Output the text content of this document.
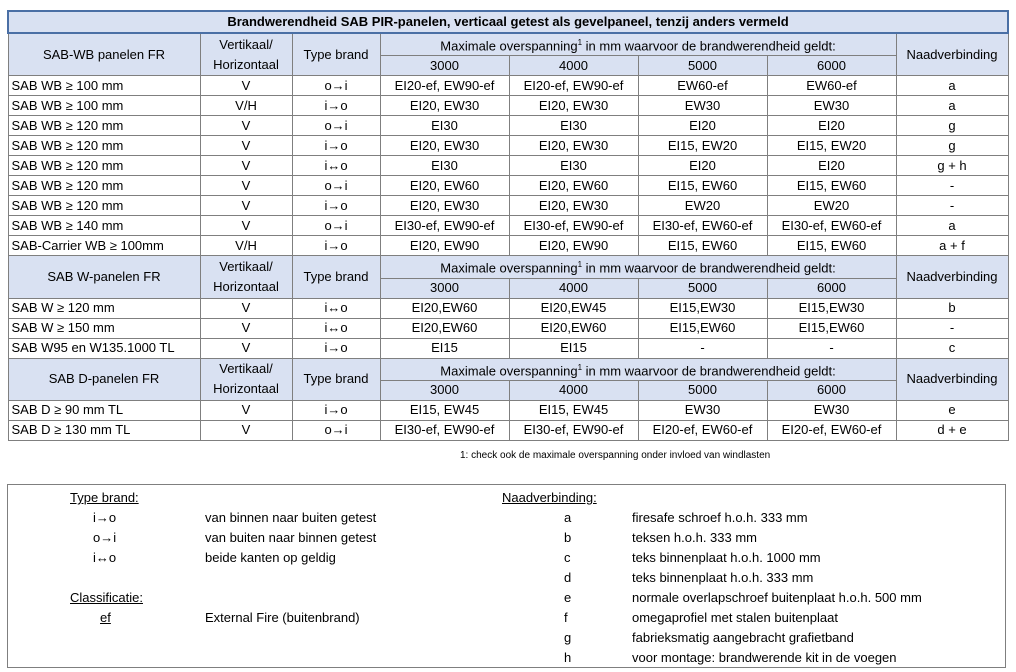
Brandwerendheid SAB PIR-panelen, verticaal getest als gevelpaneel, tenzij anders vermeld							
SAB-WB panelen FR	Vertikaal/
Horizontaal	Type brand	Maximale overspanning$^1$ in mm waarvoor de brandwerendheid geldt:				Naadverbinding
			3000	4000	5000	6000	
SAB WB ≥ 100 mm	V	o→i	EI20-ef, EW90-ef	EI20-ef, EW90-ef	EW60-ef	EW60-ef	a
SAB WB ≥ 100 mm	V/H	i→o	EI20, EW30	EI20, EW30	EW30	EW30	a
SAB WB ≥ 120 mm	V	o→i	EI30	EI30	EI20	EI20	g
SAB WB ≥ 120 mm	V	i→o	EI20, EW30	EI20, EW30	EI15, EW20	EI15, EW20	g
SAB WB ≥ 120 mm	V	i↔o	EI30	EI30	EI20	EI20	g + h
SAB WB ≥ 120 mm	V	o→i	EI20, EW60	EI20, EW60	EI15, EW60	EI15, EW60	-
SAB WB ≥ 120 mm	V	i→o	EI20, EW30	EI20, EW30	EW20	EW20	-
SAB WB ≥ 140 mm	V	o→i	EI30-ef, EW90-ef	EI30-ef, EW90-ef	EI30-ef, EW60-ef	EI30-ef, EW60-ef	a
SAB-Carrier WB ≥ 100mm	V/H	i→o	EI20, EW90	EI20, EW90	EI15, EW60	EI15, EW60	a + f
SAB W-panelen FR	Vertikaal/
Horizontaal	Type brand	Maximale overspanning$^1$ in mm waarvoor de brandwerendheid geldt:				Naadverbinding
			3000	4000	5000	6000	
SAB W ≥ 120 mm	V	i↔o	EI20,EW60	EI20,EW45	EI15,EW30	EI15,EW30	b
SAB W ≥ 150 mm	V	i↔o	EI20,EW60	EI20,EW60	EI15,EW60	EI15,EW60	-
SAB W95 en W135.1000 TL	V	i→o	EI15	EI15	-	-	c
SAB D-panelen FR	Vertikaal/
Horizontaal	Type brand	Maximale overspanning$^1$ in mm waarvoor de brandwerendheid geldt:				Naadverbinding
			3000	4000	5000	6000	
SAB D ≥ 90 mm TL	V	i→o	EI15, EW45	EI15, EW45	EW30	EW30	e
SAB D ≥ 130 mm TL	V	o→i	EI30-ef, EW90-ef	EI30-ef, EW90-ef	EI20-ef, EW60-ef	EI20-ef, EW60-ef	d + e
1: check ook de maximale overspanning onder invloed van windlasten
Type brand:
i→o	van binnen naar buiten getest
o→i	van buiten naar binnen getest
i↔o	beide kanten op geldig
Classificatie:
ef	External Fire (buitenbrand)
Naadverbinding:
a	firesafe schroef h.o.h. 333 mm
b	teksen h.o.h. 333 mm
c	teks binnenplaat h.o.h. 1000 mm
d	teks binnenplaat h.o.h. 333 mm
e	normale overlapschroef buitenplaat h.o.h. 500 mm
f	omegaprofiel met stalen buitenplaat
g	fabrieksmatig aangebracht grafietband
h	voor montage: brandwerende kit in de voegen
